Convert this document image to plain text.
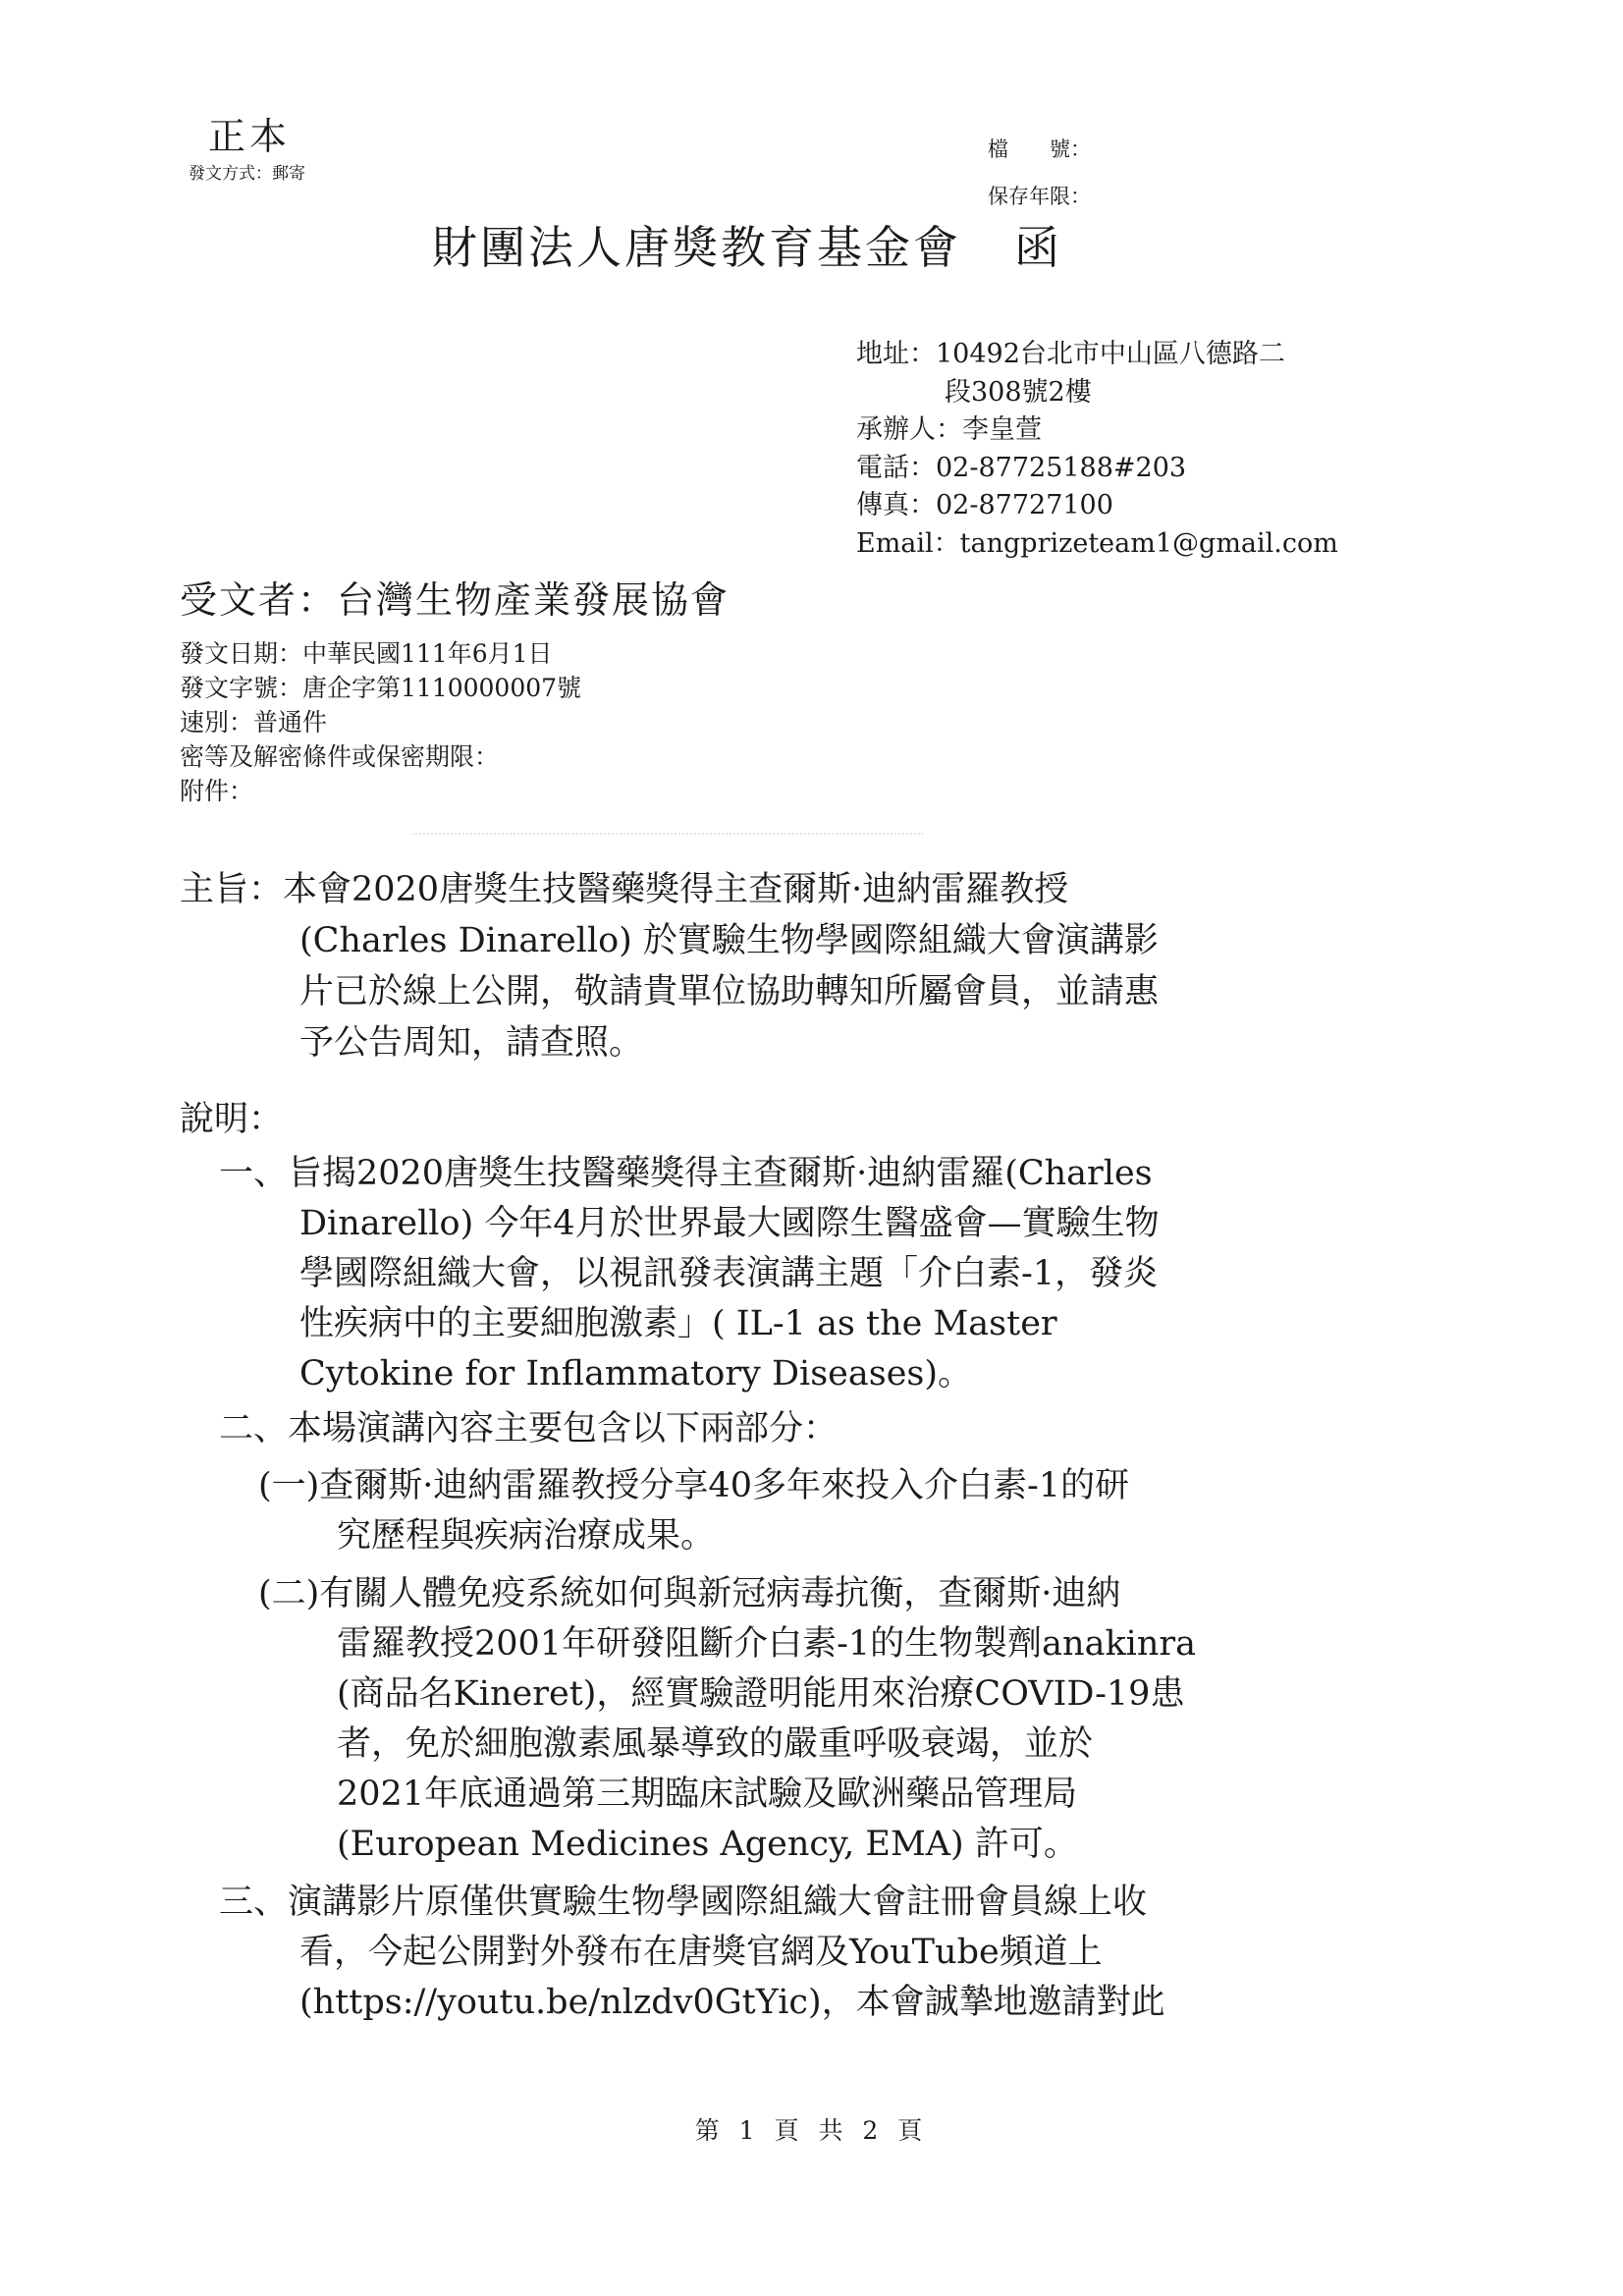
正本
發文方式：郵寄
檔　　號：
保存年限：
財團法人唐獎教育基金會 函
地址：10492台北市中山區八德路二
段308號2樓
承辦人：李皇萱
電話：02-87725188#203
傳真：02-87727100
Email：tangprizeteam1@gmail.com
受文者：台灣生物產業發展協會
發文日期：中華民國111年6月1日
發文字號：唐企字第1110000007號
速別：普通件
密等及解密條件或保密期限：
附件：
主旨：本會2020唐獎生技醫藥獎得主查爾斯·迪納雷羅教授
(Charles Dinarello) 於實驗生物學國際組織大會演講影
片已於線上公開，敬請貴單位協助轉知所屬會員，並請惠
予公告周知，請查照。
說明：
一、旨揭2020唐獎生技醫藥獎得主查爾斯·迪納雷羅(Charles
Dinarello) 今年4月於世界最大國際生醫盛會—實驗生物
學國際組織大會，以視訊發表演講主題「介白素-1，發炎
性疾病中的主要細胞激素」( IL-1 as the Master
Cytokine for Inflammatory Diseases)。
二、本場演講內容主要包含以下兩部分：
(一)查爾斯·迪納雷羅教授分享40多年來投入介白素-1的研
究歷程與疾病治療成果。
(二)有關人體免疫系統如何與新冠病毒抗衡，查爾斯·迪納
雷羅教授2001年研發阻斷介白素-1的生物製劑anakinra
(商品名Kineret)，經實驗證明能用來治療COVID-19患
者，免於細胞激素風暴導致的嚴重呼吸衰竭，並於
2021年底通過第三期臨床試驗及歐洲藥品管理局
(European Medicines Agency, EMA) 許可。
三、演講影片原僅供實驗生物學國際組織大會註冊會員線上收
看，今起公開對外發布在唐獎官網及YouTube頻道上
(https://youtu.be/nlzdv0GtYic)，本會誠摯地邀請對此
第 1 頁 共 2 頁
